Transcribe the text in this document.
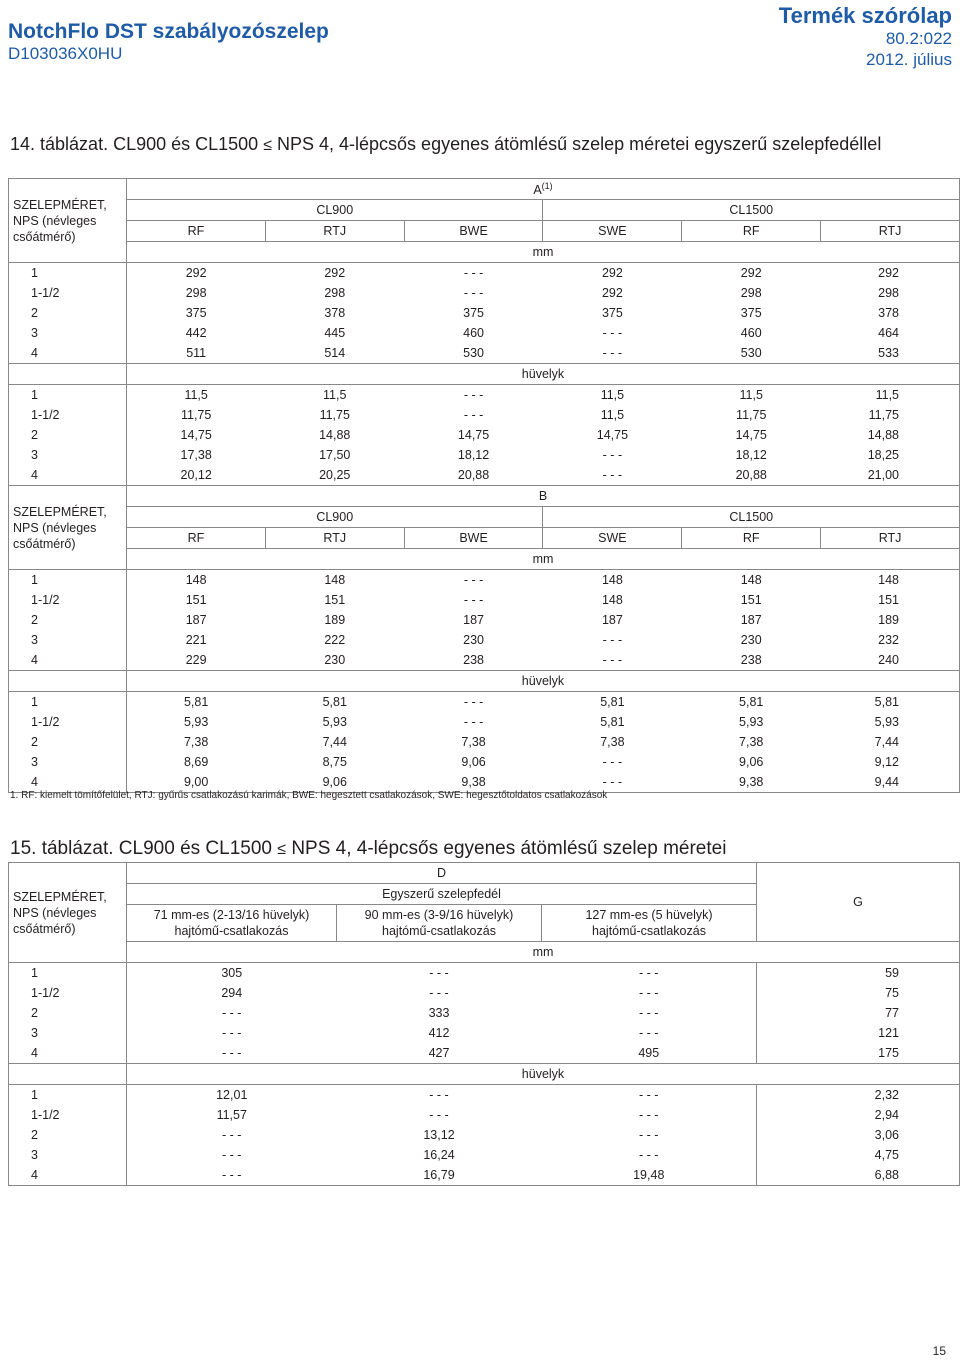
NotchFlo DST szabályozószelep
D103036X0HU
Termék szórólap
80.2:022
2012. július
14. táblázat. CL900 és CL1500 ≤ NPS 4, 4-lépcsős egyenes átömlésű szelep méretei egyszerű szelepfedéllel
SZELEPMÉRET, NPS (névleges csőátmérő)	$A^{(1)}$
	CL900			CL1500		
	RF	RTJ	BWE	SWE	RF	RTJ
	mm					
1	292	292	- - -	292	292	292
1-1/2	298	298	- - -	292	298	298
2	375	378	375	375	375	378
3	442	445	460	- - -	460	464
4	511	514	530	- - -	530	533
	hüvelyk					
1	11,5	11,5	- - -	11,5	11,5	11,5
1-1/2	11,75	11,75	- - -	11,5	11,75	11,75
2	14,75	14,88	14,75	14,75	14,75	14,88
3	17,38	17,50	18,12	- - -	18,12	18,25
4	20,12	20,25	20,88	- - -	20,88	21,00
SZELEPMÉRET, NPS (névleges csőátmérő)	B					
	CL900			CL1500		
	RF	RTJ	BWE	SWE	RF	RTJ
	mm					
1	148	148	- - -	148	148	148
1-1/2	151	151	- - -	148	151	151
2	187	189	187	187	187	189
3	221	222	230	- - -	230	232
4	229	230	238	- - -	238	240
	hüvelyk					
1	5,81	5,81	- - -	5,81	5,81	5,81
1-1/2	5,93	5,93	- - -	5,81	5,93	5,93
2	7,38	7,44	7,38	7,38	7,38	7,44
3	8,69	8,75	9,06	- - -	9,06	9,12
4	9,00	9,06	9,38	- - -	9,38	9,44
1. RF: kiemelt tömítőfelület, RTJ: gyűrűs csatlakozású karimák, BWE: hegesztett csatlakozások, SWE: hegesztőtoldatos csatlakozások
15. táblázat. CL900 és CL1500 ≤ NPS 4, 4-lépcsős egyenes átömlésű szelep méretei
SZELEPMÉRET, NPS (névleges csőátmérő)	D			G
	Egyszerű szelepfedél			
	71 mm-es (2-13/16 hüvelyk) hajtómű-csatlakozás	90 mm-es (3-9/16 hüvelyk) hajtómű-csatlakozás	127 mm-es (5 hüvelyk) hajtómű-csatlakozás	
	mm			
1	305	- - -	- - -	59
1-1/2	294	- - -	- - -	75
2	- - -	333	- - -	77
3	- - -	412	- - -	121
4	- - -	427	495	175
	hüvelyk			
1	12,01	- - -	- - -	2,32
1-1/2	11,57	- - -	- - -	2,94
2	- - -	13,12	- - -	3,06
3	- - -	16,24	- - -	4,75
4	- - -	16,79	19,48	6,88
15
